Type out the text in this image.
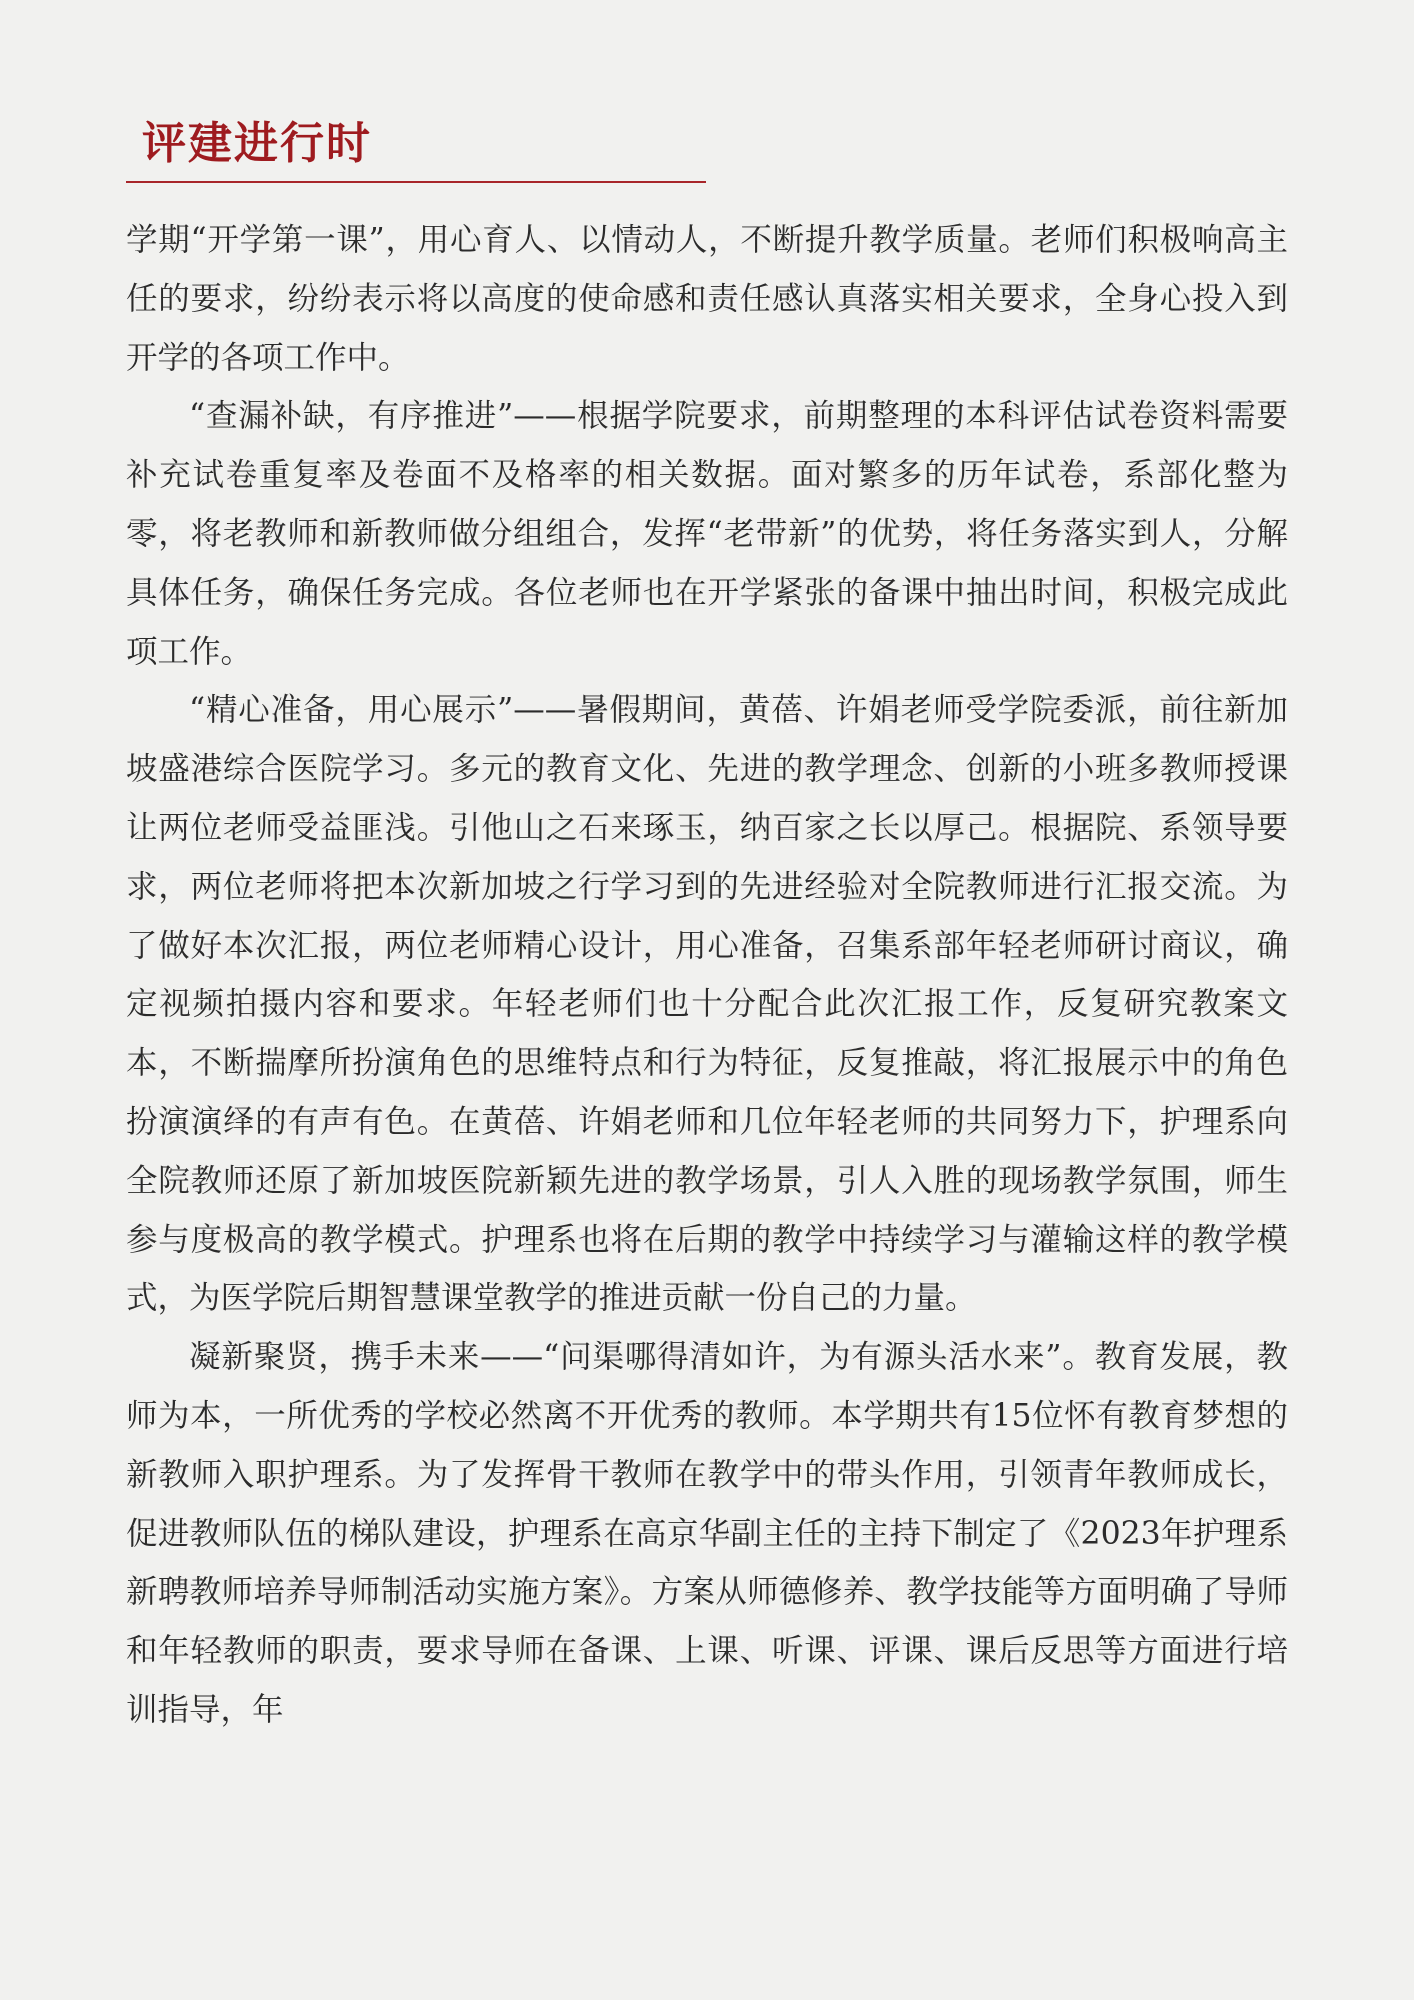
评建进行时

学期“开学第一课”，用心育人、以情动人，不断提升教学质量。老师们积极响高主任的要求，纷纷表示将以高度的使命感和责任感认真落实相关要求，全身心投入到开学的各项工作中。

“查漏补缺，有序推进”——根据学院要求，前期整理的本科评估试卷资料需要补充试卷重复率及卷面不及格率的相关数据。面对繁多的历年试卷，系部化整为零，将老教师和新教师做分组组合，发挥“老带新”的优势，将任务落实到人，分解具体任务，确保任务完成。各位老师也在开学紧张的备课中抽出时间，积极完成此项工作。

“精心准备，用心展示”——暑假期间，黄蓓、许娟老师受学院委派，前往新加坡盛港综合医院学习。多元的教育文化、先进的教学理念、创新的小班多教师授课让两位老师受益匪浅。引他山之石来琢玉，纳百家之长以厚己。根据院、系领导要求，两位老师将把本次新加坡之行学习到的先进经验对全院教师进行汇报交流。为了做好本次汇报，两位老师精心设计，用心准备，召集系部年轻老师研讨商议，确定视频拍摄内容和要求。年轻老师们也十分配合此次汇报工作，反复研究教案文本，不断揣摩所扮演角色的思维特点和行为特征，反复推敲，将汇报展示中的角色扮演演绎的有声有色。在黄蓓、许娟老师和几位年轻老师的共同努力下，护理系向全院教师还原了新加坡医院新颖先进的教学场景，引人入胜的现场教学氛围，师生参与度极高的教学模式。护理系也将在后期的教学中持续学习与灌输这样的教学模式，为医学院后期智慧课堂教学的推进贡献一份自己的力量。

凝新聚贤，携手未来——“问渠哪得清如许，为有源头活水来”。教育发展，教师为本，一所优秀的学校必然离不开优秀的教师。本学期共有15位怀有教育梦想的新教师入职护理系。为了发挥骨干教师在教学中的带头作用，引领青年教师成长，促进教师队伍的梯队建设，护理系在高京华副主任的主持下制定了《2023年护理系新聘教师培养导师制活动实施方案》。方案从师德修养、教学技能等方面明确了导师和年轻教师的职责，要求导师在备课、上课、听课、评课、课后反思等方面进行培训指导，年
